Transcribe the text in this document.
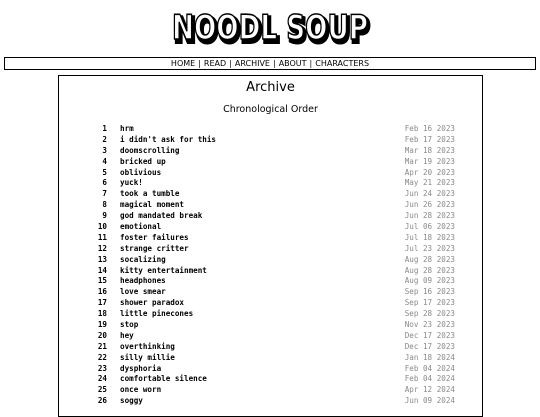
NOODL SOUP
NOODL SOUP
HOME | READ | ARCHIVE | ABOUT | CHARACTERS
Archive
Chronological Order
1 hrm	Feb 16 2023
2 i didn't ask for this	Feb 17 2023
3 doomscrolling	Mar 18 2023
4 bricked up	Mar 19 2023
5 oblivious	Apr 20 2023
6 yuck!	May 21 2023
7 took a tumble	Jun 24 2023
8 magical moment	Jun 26 2023
9 god mandated break	Jun 28 2023
10 emotional	Jul 06 2023
11 foster failures	Jul 18 2023
12 strange critter	Jul 23 2023
13 socalizing	Aug 28 2023
14 kitty entertainment	Aug 28 2023
15 headphones	Aug 09 2023
16 love smear	Sep 16 2023
17 shower paradox	Sep 17 2023
18 little pinecones	Sep 28 2023
19 stop	Nov 23 2023
20 hey	Dec 17 2023
21 overthinking	Dec 17 2023
22 silly millie	Jan 18 2024
23 dysphoria	Feb 04 2024
24 comfortable silence	Feb 04 2024
25 once worn	Apr 12 2024
26 soggy	Jun 09 2024
